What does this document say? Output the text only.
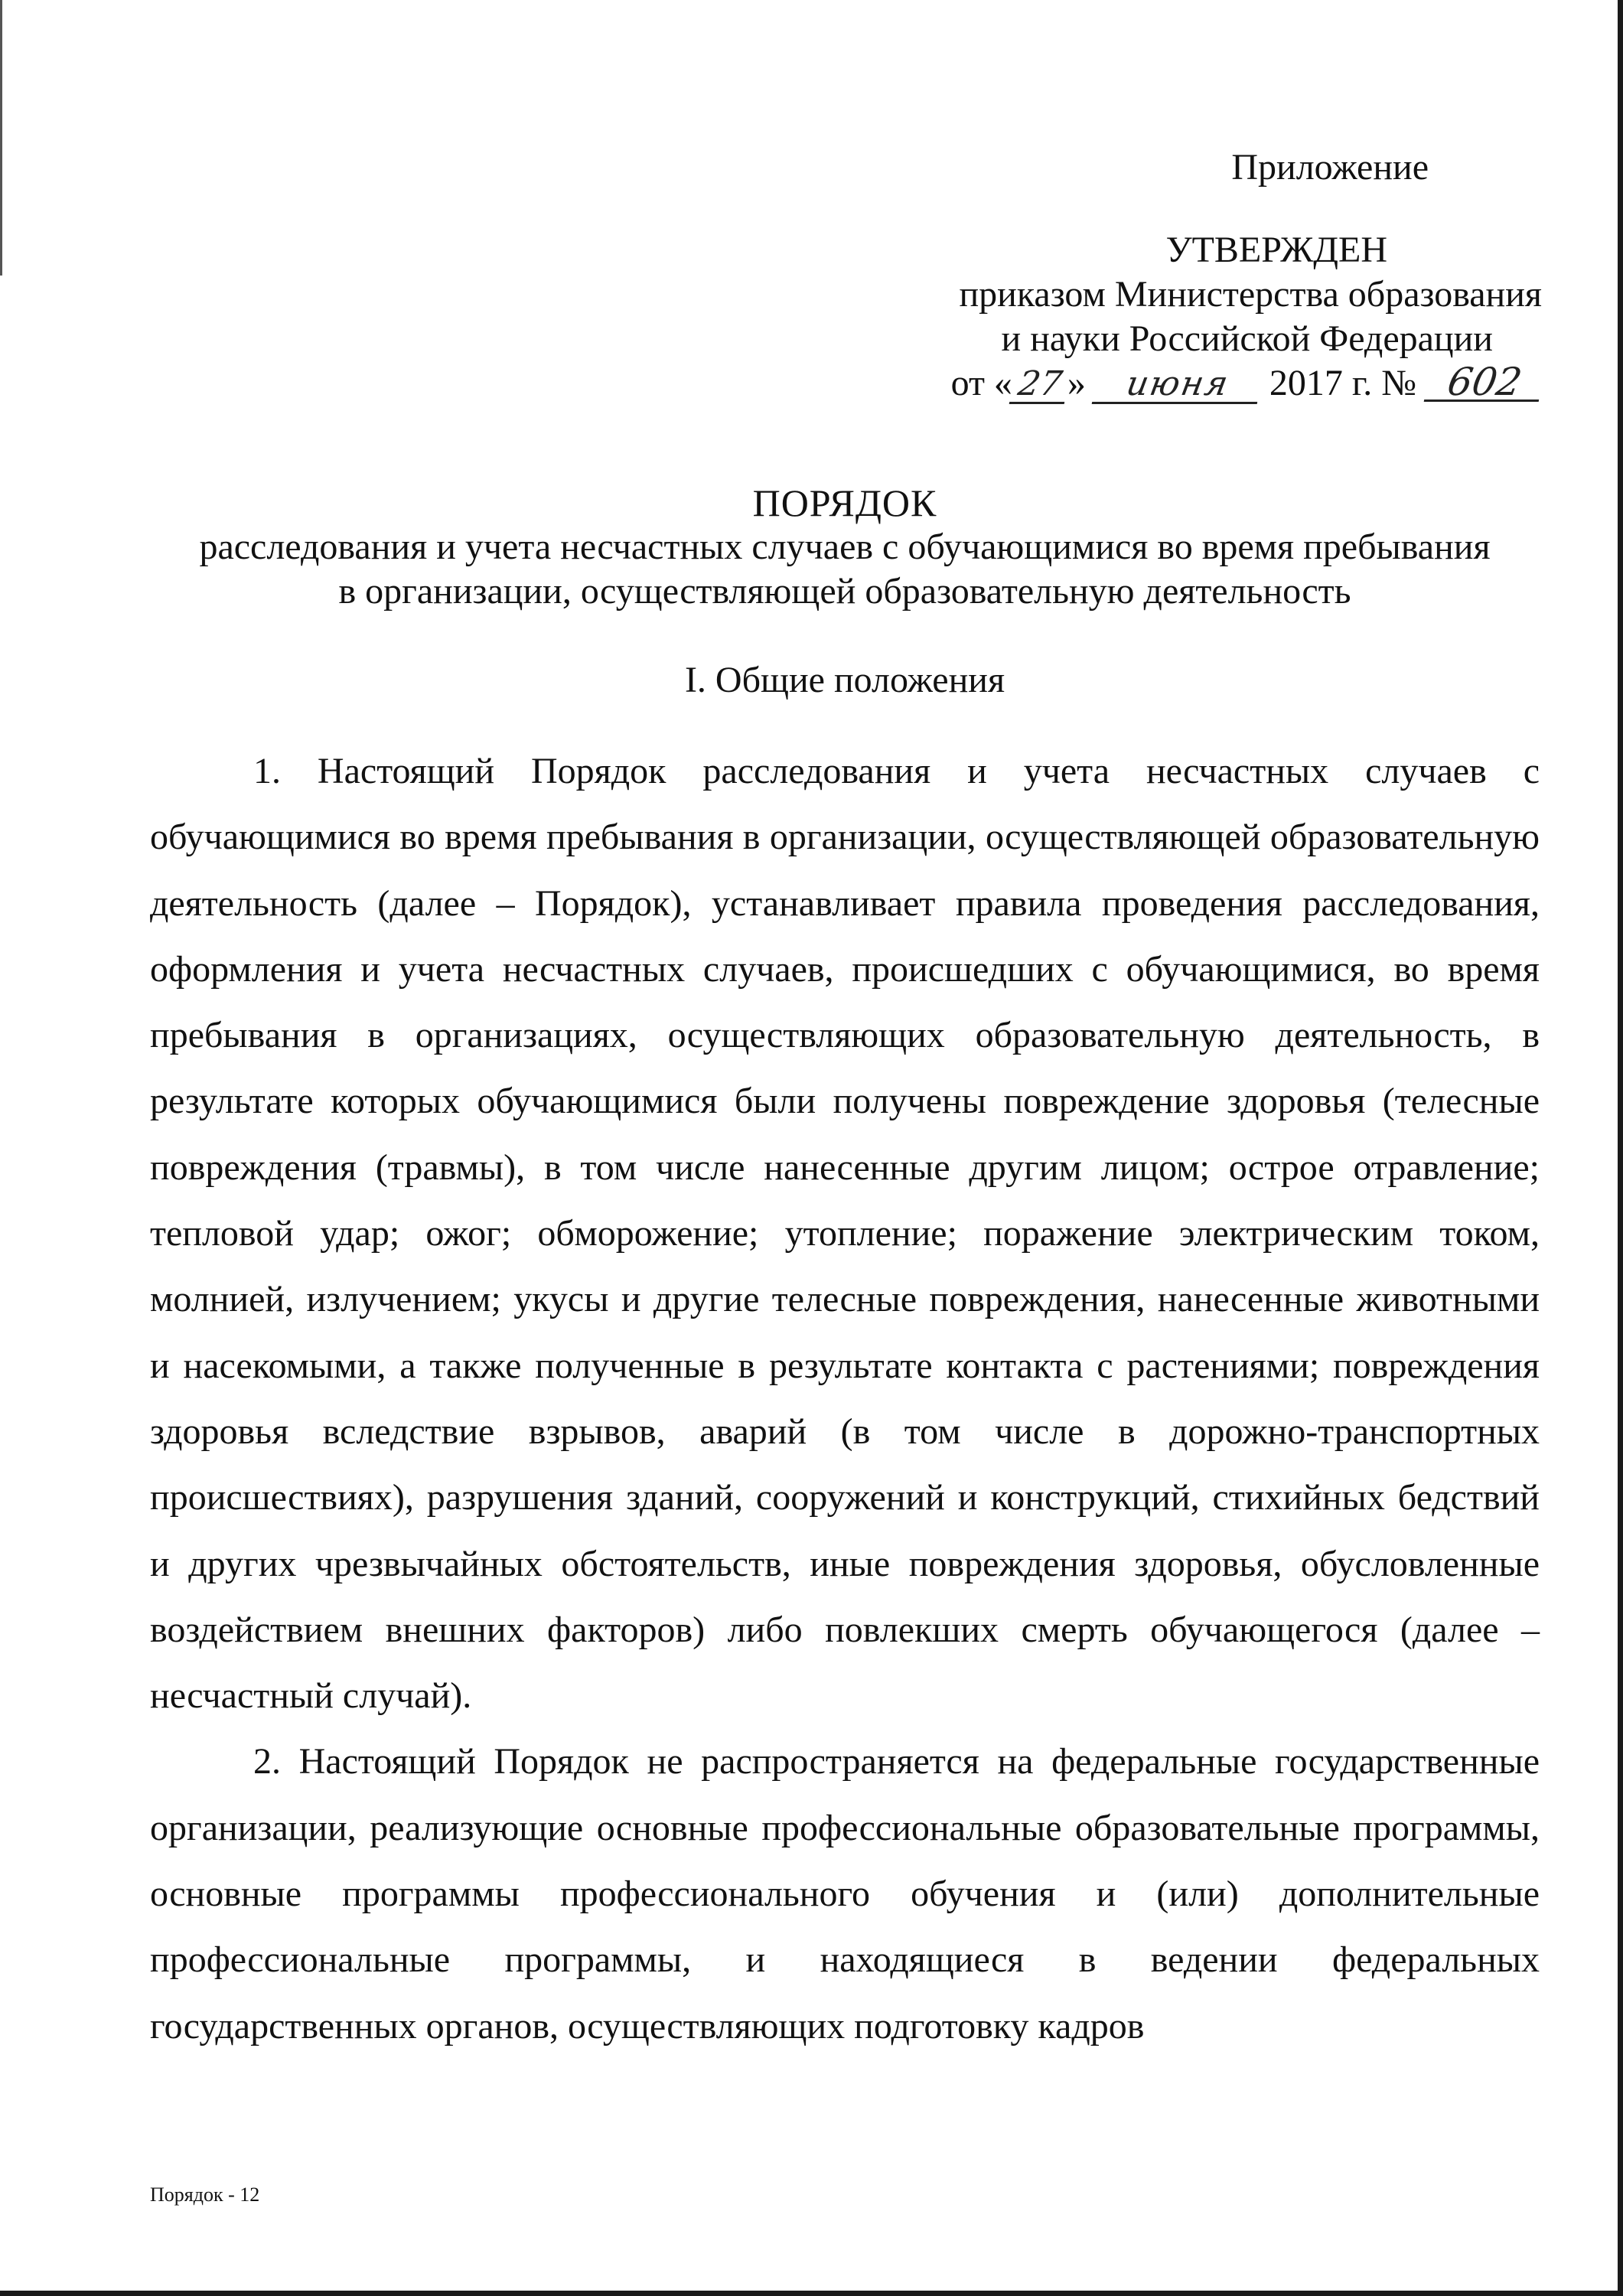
Приложение
УТВЕРЖДЕН
приказом Министерства образования
и науки Российской Федерации
от «27» июня 2017 г. № 602
ПОРЯДОК
расследования и учета несчастных случаев с обучающимися во время пребывания
в организации, осуществляющей образовательную деятельность
I. Общие положения

1. Настоящий Порядок расследования и учета несчастных случаев с обучающимися во время пребывания в организации, осуществляющей образовательную деятельность (далее – Порядок), устанавливает правила проведения расследования, оформления и учета несчастных случаев, происшедших с обучающимися, во время пребывания в организациях, осуществляющих образовательную деятельность, в результате которых обучающимися были получены повреждение здоровья (телесные повреждения (травмы), в том числе нанесенные другим лицом; острое отравление; тепловой удар; ожог; обморожение; утопление; поражение электрическим током, молнией, излучением; укусы и другие телесные повреждения, нанесенные животными и насекомыми, а также полученные в результате контакта с растениями; повреждения здоровья вследствие взрывов, аварий (в том числе в дорожно-транспортных происшествиях), разрушения зданий, сооружений и конструкций, стихийных бедствий и других чрезвычайных обстоятельств, иные повреждения здоровья, обусловленные воздействием внешних факторов) либо повлекших смерть обучающегося (далее – несчастный случай).

2. Настоящий Порядок не распространяется на федеральные государственные организации, реализующие основные профессиональные образовательные программы, основные программы профессионального обучения и (или) дополнительные профессиональные программы, и находящиеся в ведении федеральных государственных органов, осуществляющих подготовку кадров

Порядок - 12
